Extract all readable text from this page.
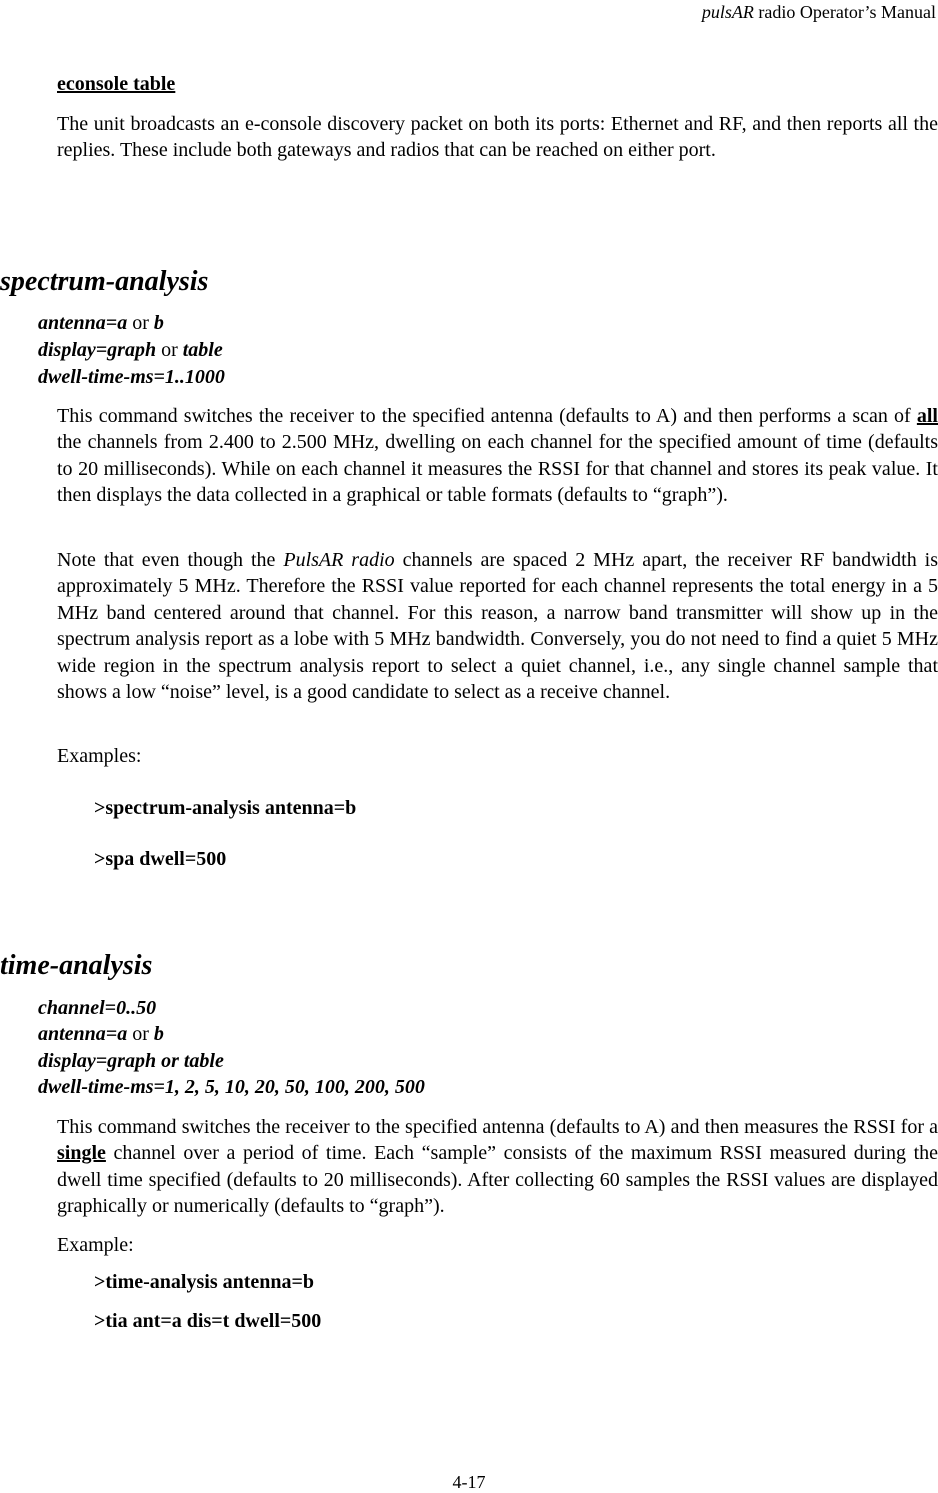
pulsAR radio Operator’s Manual
econsole table
The unit broadcasts an e-console discovery packet on both its ports: Ethernet and RF, and then reports all the replies. These include both gateways and radios that can be reached on either port.
spectrum-analysis
antenna=a or b
display=graph or table
dwell-time-ms=1..1000
This command switches the receiver to the specified antenna (defaults to A) and then performs a scan of all the channels from 2.400 to 2.500 MHz, dwelling on each channel for the specified amount of time (defaults to 20 milliseconds). While on each channel it measures the RSSI for that channel and stores its peak value. It then displays the data collected in a graphical or table formats (defaults to “graph”).
Note that even though the PulsAR radio channels are spaced 2 MHz apart, the receiver RF bandwidth is approximately 5 MHz. Therefore the RSSI value reported for each channel represents the total energy in a 5 MHz band centered around that channel. For this reason, a narrow band transmitter will show up in the spectrum analysis report as a lobe with 5 MHz bandwidth. Conversely, you do not need to find a quiet 5 MHz wide region in the spectrum analysis report to select a quiet channel, i.e., any single channel sample that shows a low “noise” level, is a good candidate to select as a receive channel.
Examples:
>spectrum-analysis antenna=b
>spa dwell=500
time-analysis
channel=0..50
antenna=a or b
display=graph or table
dwell-time-ms=1, 2, 5, 10, 20, 50, 100, 200, 500
This command switches the receiver to the specified antenna (defaults to A) and then measures the RSSI for a single channel over a period of time. Each “sample” consists of the maximum RSSI measured during the dwell time specified (defaults to 20 milliseconds). After collecting 60 samples the RSSI values are displayed graphically or numerically (defaults to “graph”).
Example:
>time-analysis antenna=b
>tia ant=a dis=t dwell=500
4-17
